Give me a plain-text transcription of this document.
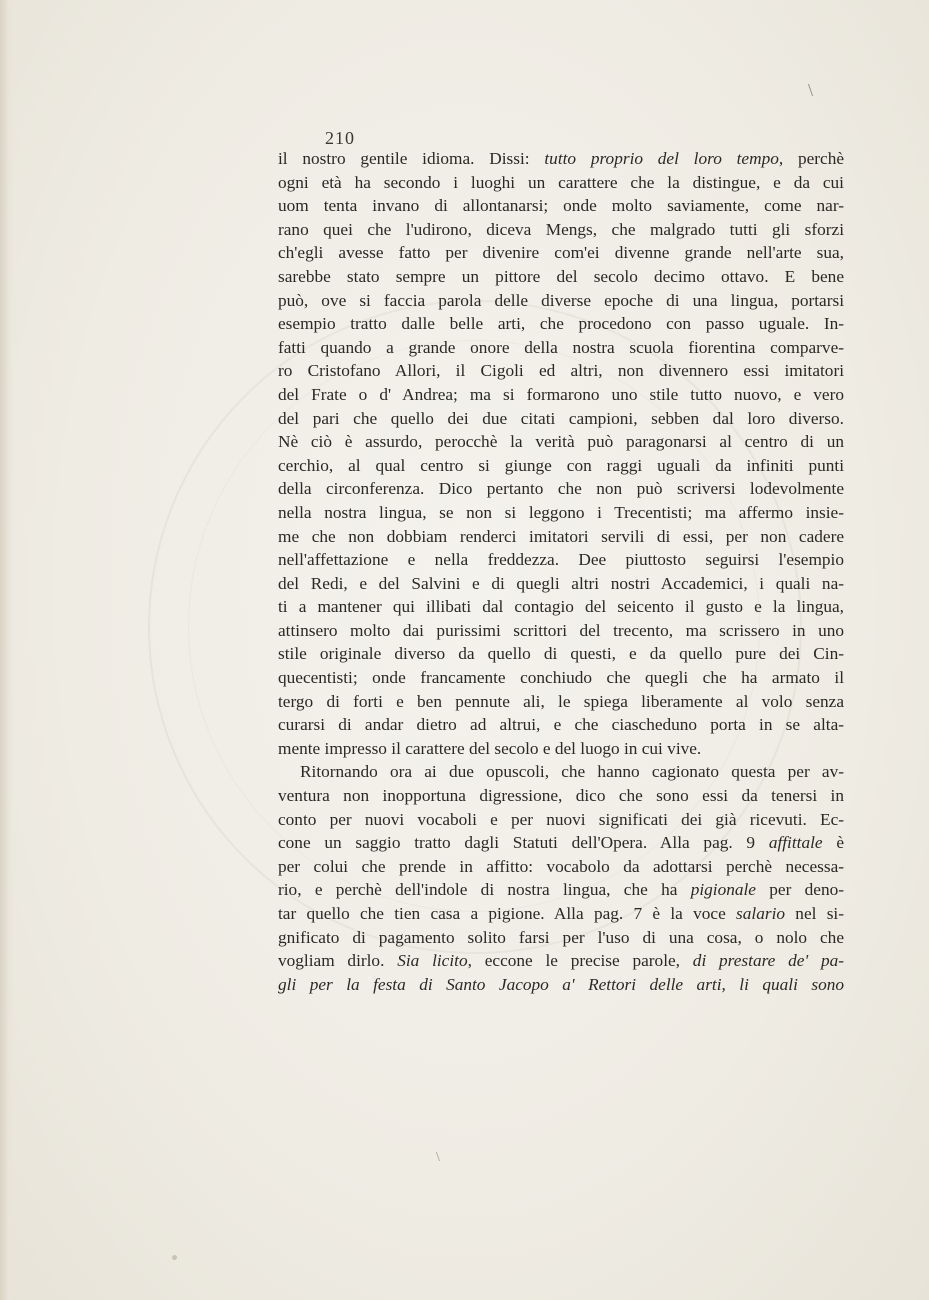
\
\
210
il nostro gentile idioma. Dissi: tutto proprio del loro tempo, perchè
ogni età ha secondo i luoghi un carattere che la distingue, e da cui
uom tenta invano di allontanarsi; onde molto saviamente, come nar-
rano quei che l'udirono, diceva Mengs, che malgrado tutti gli sforzi
ch'egli avesse fatto per divenire com'ei divenne grande nell'arte sua,
sarebbe stato sempre un pittore del secolo decimo ottavo. E bene
può, ove si faccia parola delle diverse epoche di una lingua, portarsi
esempio tratto dalle belle arti, che procedono con passo uguale. In-
fatti quando a grande onore della nostra scuola fiorentina comparve-
ro Cristofano Allori, il Cigoli ed altri, non divennero essi imitatori
del Frate o d' Andrea; ma si formarono uno stile tutto nuovo, e vero
del pari che quello dei due citati campioni, sebben dal loro diverso.
Nè ciò è assurdo, perocchè la verità può paragonarsi al centro di un
cerchio, al qual centro si giunge con raggi uguali da infiniti punti
della circonferenza. Dico pertanto che non può scriversi lodevolmente
nella nostra lingua, se non si leggono i Trecentisti; ma affermo insie-
me che non dobbiam renderci imitatori servili di essi, per non cadere
nell'affettazione e nella freddezza. Dee piuttosto seguirsi l'esempio
del Redi, e del Salvini e di quegli altri nostri Accademici, i quali na-
ti a mantener qui illibati dal contagio del seicento il gusto e la lingua,
attinsero molto dai purissimi scrittori del trecento, ma scrissero in uno
stile originale diverso da quello di questi, e da quello pure dei Cin-
quecentisti; onde francamente conchiudo che quegli che ha armato il
tergo di forti e ben pennute ali, le spiega liberamente al volo senza
curarsi di andar dietro ad altrui, e che ciascheduno porta in se alta-
mente impresso il carattere del secolo e del luogo in cui vive.
Ritornando ora ai due opuscoli, che hanno cagionato questa per av-
ventura non inopportuna digressione, dico che sono essi da tenersi in
conto per nuovi vocaboli e per nuovi significati dei già ricevuti. Ec-
cone un saggio tratto dagli Statuti dell'Opera. Alla pag. 9 affittale è
per colui che prende in affitto: vocabolo da adottarsi perchè necessa-
rio, e perchè dell'indole di nostra lingua, che ha pigionale per deno-
tar quello che tien casa a pigione. Alla pag. 7 è la voce salario nel si-
gnificato di pagamento solito farsi per l'uso di una cosa, o nolo che
vogliam dirlo. Sia licito, eccone le precise parole, di prestare de' pa-
gli per la festa di Santo Jacopo a' Rettori delle arti, li quali sono
